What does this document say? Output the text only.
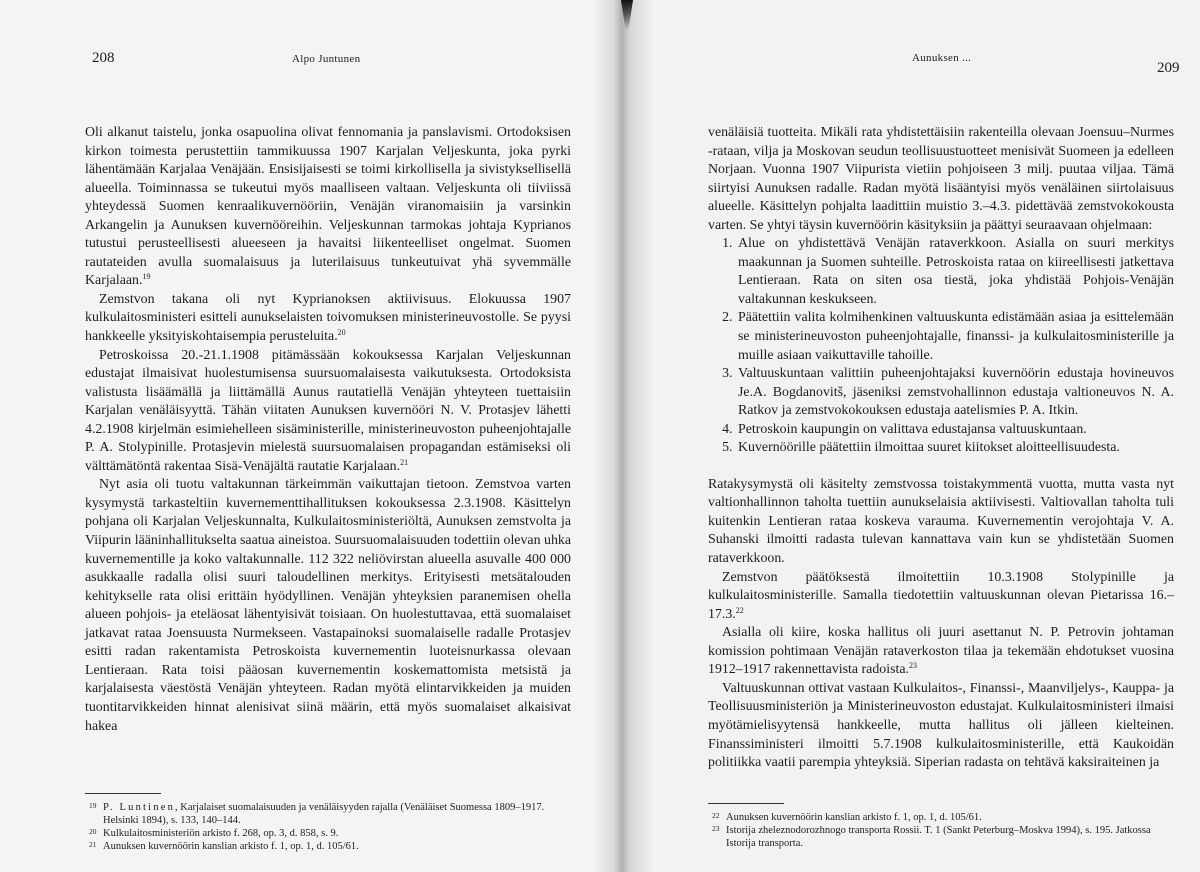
208	Alpo Juntunen

Oli alkanut taistelu, jonka osapuolina olivat fennomania ja panslavismi. Ortodoksisen kirkon toimesta perustettiin tammikuussa 1907 Karjalan Veljeskunta, joka pyrki lähentämään Karjalaa Venäjään. Ensisijaisesti se toimi kirkollisella ja sivistyksellisellä alueella. Toiminnassa se tukeutui myös maalliseen valtaan. Veljeskunta oli tiiviissä yhteydessä Suomen kenraalikuvernööriin, Venäjän viranomaisiin ja varsinkin Arkangelin ja Aunuksen kuvernööreihin. Veljeskunnan tarmokas johtaja Kyprianos tutustui perusteellisesti alueeseen ja havaitsi liikenteelliset ongelmat. Suomen rautateiden avulla suomalaisuus ja luterilaisuus tunkeutuivat yhä syvemmälle Karjalaan.$^{19}$

Zemstvon takana oli nyt Kyprianoksen aktiivisuus. Elokuussa 1907 kulkulaitosministeri esitteli aunukselaisten toivomuksen ministerineuvostolle. Se pyysi hankkeelle yksityiskohtaisempia perusteluita.$^{20}$

Petroskoissa 20.-21.1.1908 pitämässään kokouksessa Karjalan Veljeskunnan edustajat ilmaisivat huolestumisensa suursuomalaisesta vaikutuksesta. Ortodoksista valistusta lisäämällä ja liittämällä Aunus rautatiellä Venäjän yhteyteen tuettaisiin Karjalan venäläisyyttä. Tähän viitaten Aunuksen kuvernööri N. V. Protasjev lähetti 4.2.1908 kirjelmän esimiehelleen sisäministerille, ministerineuvoston puheenjohtajalle P. A. Stolypinille. Protasjevin mielestä suursuomalaisen propagandan estämiseksi oli välttämätöntä rakentaa Sisä-Venäjältä rautatie Karjalaan.$^{21}$

Nyt asia oli tuotu valtakunnan tärkeimmän vaikuttajan tietoon. Zemstvoa varten kysymystä tarkasteltiin kuvernementtihallituksen kokouksessa 2.3.1908. Käsittelyn pohjana oli Karjalan Veljeskunnalta, Kulkulaitosministeriöltä, Aunuksen zemstvolta ja Viipurin lääninhallitukselta saatua aineistoa. Suursuomalaisuuden todettiin olevan uhka kuvernementille ja koko valtakunnalle. 112 322 neliövirstan alueella asuvalle 400 000 asukkaalle radalla olisi suuri taloudellinen merkitys. Erityisesti metsätalouden kehitykselle rata olisi erittäin hyödyllinen. Venäjän yhteyksien paranemisen ohella alueen pohjois- ja eteläosat lähentyisivät toisiaan. On huolestuttavaa, että suomalaiset jatkavat rataa Joensuusta Nurmekseen. Vastapainoksi suomalaiselle radalle Protasjev esitti radan rakentamista Petroskoista kuvernementin luoteisnurkassa olevaan Lentieraan. Rata toisi pääosan kuvernementin koskemattomista metsistä ja karjalaisesta väestöstä Venäjän yhteyteen. Radan myötä elintarvikkeiden ja muiden tuontitarvikkeiden hinnat alenisivat siinä määrin, että myös suomalaiset alkaisivat hakea

19 P. Luntinen, Karjalaiset suomalaisuuden ja venäläisyyden rajalla (Venäläiset Suomessa 1809–1917. Helsinki 1894), s. 133, 140–144.

20 Kulkulaitosministeriön arkisto f. 268, op. 3, d. 858, s. 9.

21 Aunuksen kuvernöörin kanslian arkisto f. 1, op. 1, d. 105/61.

Aunuksen ...
209

venäläisiä tuotteita. Mikäli rata yhdistettäisiin rakenteilla olevaan Joensuu–Nurmes -rataan, vilja ja Moskovan seudun teollisuustuotteet menisivät Suomeen ja edelleen Norjaan. Vuonna 1907 Viipurista vietiin pohjoiseen 3 milj. puutaa viljaa. Tämä siirtyisi Aunuksen radalle. Radan myötä lisääntyisi myös venäläinen siirtolaisuus alueelle. Käsittelyn pohjalta laadittiin muistio 3.–4.3. pidettävää zemstvokokousta varten. Se yhtyi täysin kuvernöörin käsityksiin ja päättyi seuraavaan ohjelmaan:

1. Alue on yhdistettävä Venäjän rataverkkoon. Asialla on suuri merkitys maakunnan ja Suomen suhteille. Petroskoista rataa on kiireellisesti jatkettava Lentieraan. Rata on siten osa tiestä, joka yhdistää Pohjois-Venäjän valtakunnan keskukseen.
2. Päätettiin valita kolmihenkinen valtuuskunta edistämään asiaa ja esittelemään se ministerineuvoston puheenjohtajalle, finanssi- ja kulkulaitosministerille ja muille asiaan vaikuttaville tahoille.
3. Valtuuskuntaan valittiin puheenjohtajaksi kuvernöörin edustaja hovineuvos Je.A. Bogdanovitš, jäseniksi zemstvohallinnon edustaja valtioneuvos N. A. Ratkov ja zemstvokokouksen edustaja aatelismies P. A. Itkin.
4. Petroskoin kaupungin on valittava edustajansa valtuuskuntaan.
5. Kuvernöörille päätettiin ilmoittaa suuret kiitokset aloitteellisuudesta.

Ratakysymystä oli käsitelty zemstvossa toistakymmentä vuotta, mutta vasta nyt valtionhallinnon taholta tuettiin aunukselaisia aktiivisesti. Valtiovallan taholta tuli kuitenkin Lentieran rataa koskeva varauma. Kuvernementin verojohtaja V. A. Suhanski ilmoitti radasta tulevan kannattava vain kun se yhdistetään Suomen rataverkkoon.

Zemstvon päätöksestä ilmoitettiin 10.3.1908 Stolypinille ja kulkulaitosministerille. Samalla tiedotettiin valtuuskunnan olevan Pietarissa 16.–17.3.22

Asialla oli kiire, koska hallitus oli juuri asettanut N. P. Petrovin johtaman komission pohtimaan Venäjän rataverkoston tilaa ja tekemään ehdotukset vuosina 1912–1917 rakennettavista radoista.$^{23}$

Valtuuskunnan ottivat vastaan Kulkulaitos-, Finanssi-, Maanviljelys-, Kauppa- ja Teollisuusministeriön ja Ministerineuvoston edustajat. Kulkulaitosministeri ilmaisi myötämielisyytensä hankkeelle, mutta hallitus oli jälleen kielteinen. Finanssiministeri ilmoitti 5.7.1908 kulkulaitosministerille, että Kaukoidän politiikka vaatii parempia yhteyksiä. Siperian radasta on tehtävä kaksiraiteinen ja

22 Aunuksen kuvernöörin kanslian arkisto f. 1, op. 1, d. 105/61.

23 Istorija zheleznodorozhnogo transporta Rossii. T. 1 (Sankt Peterburg–Moskva 1994), s. 195. Jatkossa Istorija transporta.
